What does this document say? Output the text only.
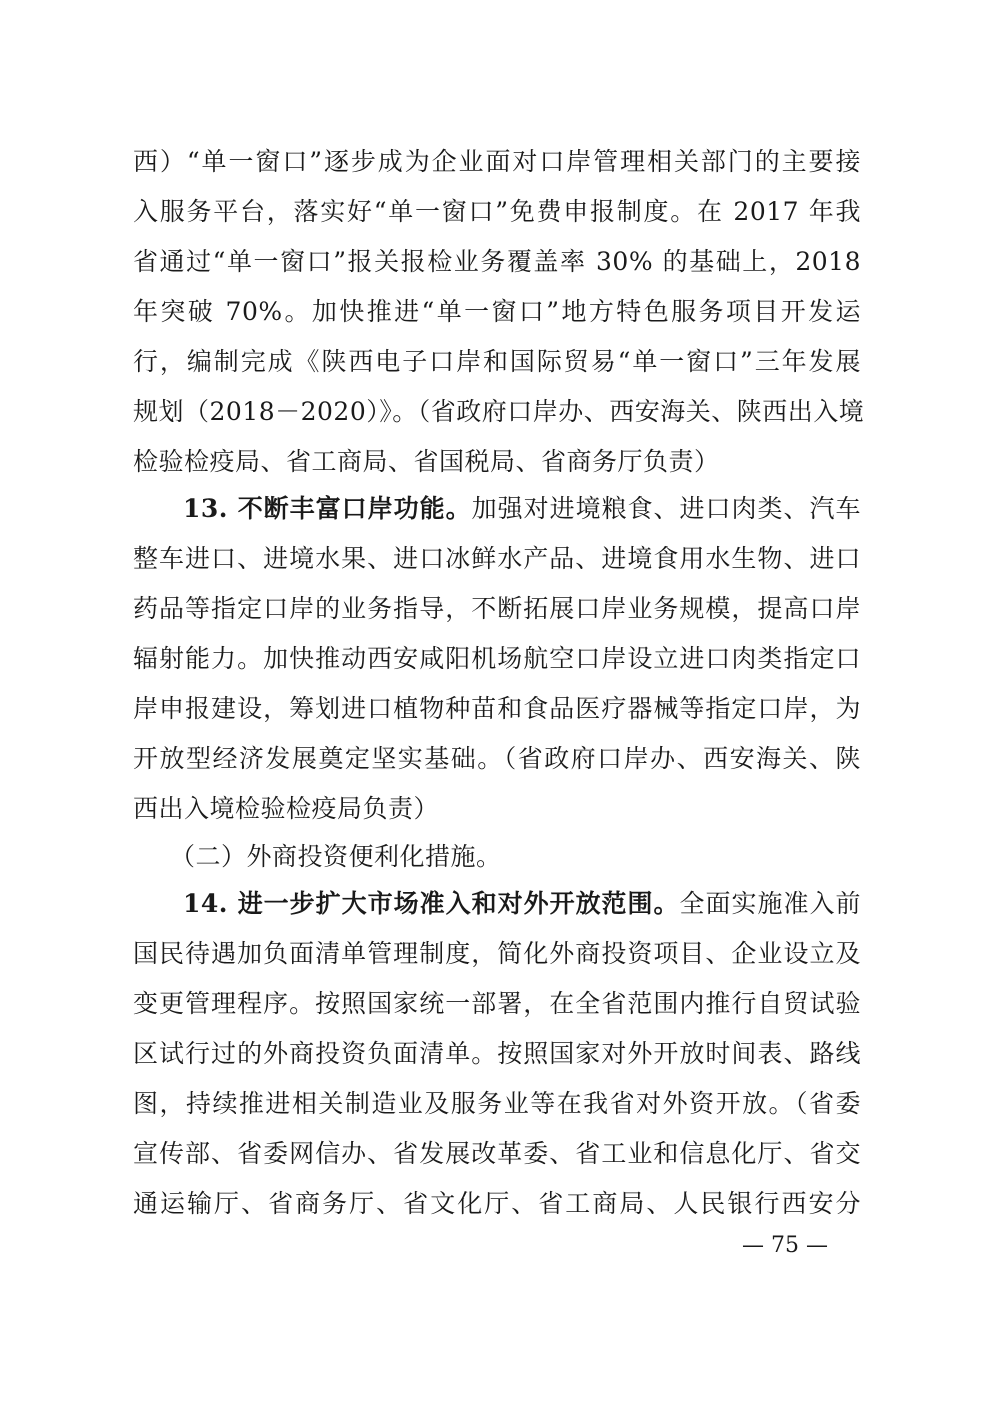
西）“单一窗口”逐步成为企业面对口岸管理相关部门的主要接
入服务平台，落实好“单一窗口”免费申报制度。在 2017 年我
省通过“单一窗口”报关报检业务覆盖率 30% 的基础上，2018
年突破 70%。加快推进“单一窗口”地方特色服务项目开发运
行，编制完成《陕西电子口岸和国际贸易“单一窗口”三年发展
规划（2018－2020）》。（省政府口岸办、西安海关、陕西出入境
检验检疫局、省工商局、省国税局、省商务厅负责）
13. 不断丰富口岸功能。加强对进境粮食、进口肉类、汽车
整车进口、进境水果、进口冰鲜水产品、进境食用水生物、进口
药品等指定口岸的业务指导，不断拓展口岸业务规模，提高口岸
辐射能力。加快推动西安咸阳机场航空口岸设立进口肉类指定口
岸申报建设，筹划进口植物种苗和食品医疗器械等指定口岸，为
开放型经济发展奠定坚实基础。（省政府口岸办、西安海关、陕
西出入境检验检疫局负责）
（二）外商投资便利化措施。
14. 进一步扩大市场准入和对外开放范围。全面实施准入前
国民待遇加负面清单管理制度，简化外商投资项目、企业设立及
变更管理程序。按照国家统一部署，在全省范围内推行自贸试验
区试行过的外商投资负面清单。按照国家对外开放时间表、路线
图，持续推进相关制造业及服务业等在我省对外资开放。（省委
宣传部、省委网信办、省发展改革委、省工业和信息化厅、省交
通运输厅、省商务厅、省文化厅、省工商局、人民银行西安分
— 75 —
